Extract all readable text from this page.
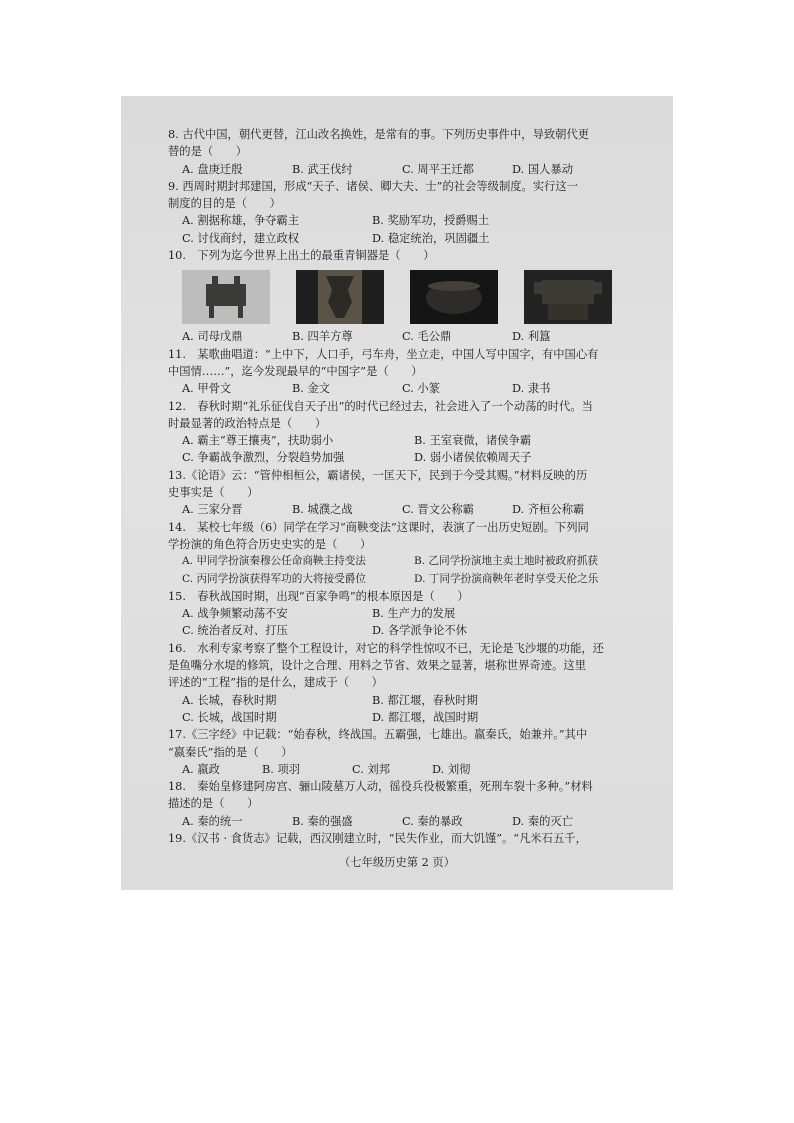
8. 古代中国，朝代更替，江山改名换姓，是常有的事。下列历史事件中，导致朝代更

替的是（　　）

A. 盘庚迁殷	B. 武王伐纣	C. 周平王迁都	D. 国人暴动

9. 西周时期封邦建国，形成“天子、诸侯、卿大夫、士”的社会等级制度。实行这一

制度的目的是（　　）

A. 割据称雄，争夺霸主	B. 奖励军功，授爵赐土
C. 讨伐商纣，建立政权	D. 稳定统治，巩固疆土

10.　下列为迄今世界上出土的最重青铜器是（　　）

A. 司母戊鼎	B. 四羊方尊	C. 毛公鼎	D. 利簋

11.　某歌曲唱道：“上中下，人口手，弓车舟，坐立走，中国人写中国字，有中国心有

中国情……”，迄今发现最早的“中国字”是（　　）

A. 甲骨文	B. 金文	C. 小篆	D. 隶书

12.　春秋时期“礼乐征伐自天子出”的时代已经过去，社会进入了一个动荡的时代。当

时最显著的政治特点是（　　）

A. 霸主“尊王攘夷”，扶助弱小	B. 王室衰微，诸侯争霸
C. 争霸战争激烈，分裂趋势加强	D. 弱小诸侯依赖周天子

13.《论语》云：“管仲相桓公，霸诸侯，一匡天下，民到于今受其赐。”材料反映的历

史事实是（　　）

A. 三家分晋	B. 城濮之战	C. 晋文公称霸	D. 齐桓公称霸

14.　某校七年级（6）同学在学习“商鞅变法”这课时，表演了一出历史短剧。下列同

学扮演的角色符合历史史实的是（　　）

A. 甲同学扮演秦穆公任命商鞅主持变法	B. 乙同学扮演地主卖土地时被政府抓获
C. 丙同学扮演获得军功的大将接受爵位	D. 丁同学扮演商鞅年老时享受天伦之乐

15.　春秋战国时期，出现“百家争鸣”的根本原因是（　　）

A. 战争频繁动荡不安	B. 生产力的发展
C. 统治者反对、打压	D. 各学派争论不休

16.　水利专家考察了整个工程设计，对它的科学性惊叹不已，无论是飞沙堰的功能，还

是鱼嘴分水堤的修筑，设计之合理、用料之节省、效果之显著，堪称世界奇迹。这里

评述的“工程”指的是什么，建成于（　　）

A. 长城，春秋时期	B. 都江堰，春秋时期
C. 长城，战国时期	D. 都江堰，战国时期

17.《三字经》中记载：“始春秋，终战国。五霸强，七雄出。嬴秦氏，始兼并。”其中

“嬴秦氏”指的是（　　）

A. 嬴政	B. 项羽	C. 刘邦	D. 刘彻

18.　秦始皇修建阿房宫、骊山陵墓万人动，徭役兵役极繁重，死刑车裂十多种。”材料

描述的是（　　）

A. 秦的统一	B. 秦的强盛	C. 秦的暴政	D. 秦的灭亡

19.《汉书 · 食货志》记载，西汉刚建立时，“民失作业，而大饥馑”。“凡米石五千，

（七年级历史第 2 页）
